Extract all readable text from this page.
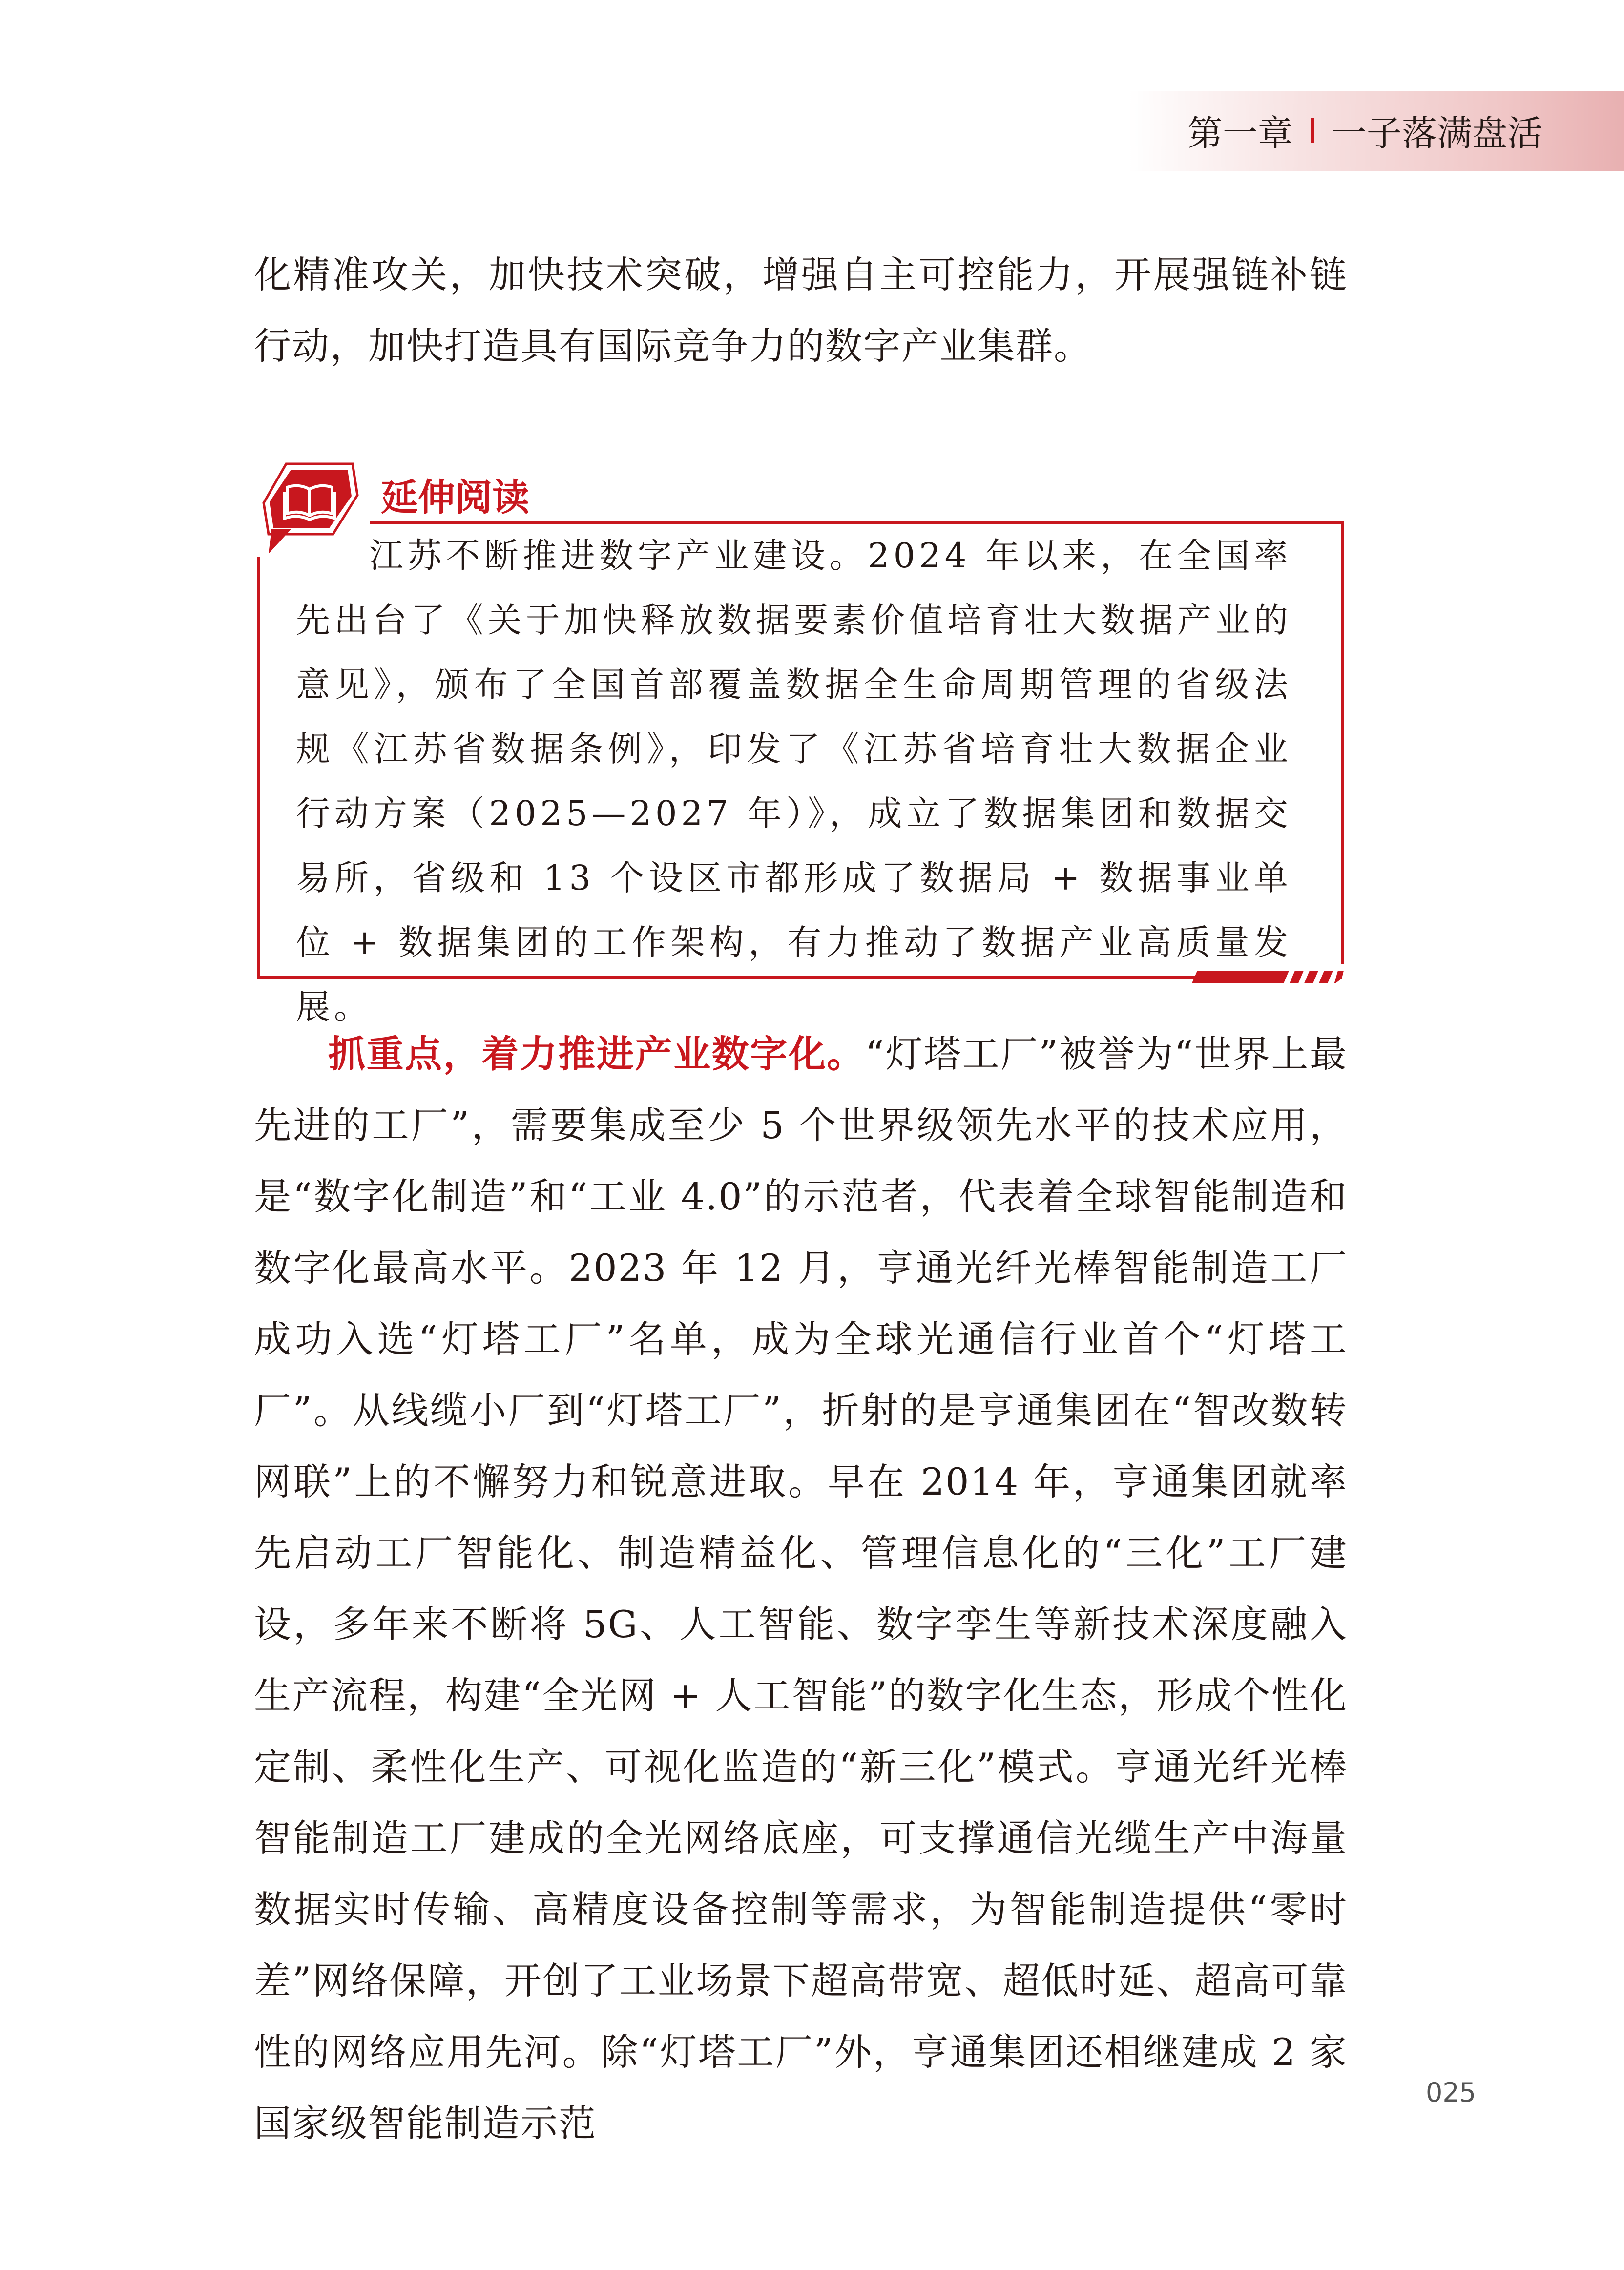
第一章 一子落满盘活

化精准攻关，加快技术突破，增强自主可控能力，开展强链补链行动，加快打造具有国际竞争力的数字产业集群。

延伸阅读

江苏不断推进数字产业建设。2024 年以来，在全国率先出台了《关于加快释放数据要素价值培育壮大数据产业的意见》，颁布了全国首部覆盖数据全生命周期管理的省级法规《江苏省数据条例》，印发了《江苏省培育壮大数据企业行动方案（2025—2027 年）》，成立了数据集团和数据交易所，省级和 13 个设区市都形成了数据局 + 数据事业单位 + 数据集团的工作架构，有力推动了数据产业高质量发展。

抓重点，着力推进产业数字化。“灯塔工厂”被誉为“世界上最先进的工厂”，需要集成至少 5 个世界级领先水平的技术应用，是“数字化制造”和“工业 4.0”的示范者，代表着全球智能制造和数字化最高水平。2023 年 12 月，亨通光纤光棒智能制造工厂成功入选“灯塔工厂”名单，成为全球光通信行业首个“灯塔工厂”。从线缆小厂到“灯塔工厂”，折射的是亨通集团在“智改数转网联”上的不懈努力和锐意进取。早在 2014 年，亨通集团就率先启动工厂智能化、制造精益化、管理信息化的“三化”工厂建设，多年来不断将 5G、人工智能、数字孪生等新技术深度融入生产流程，构建“全光网 + 人工智能”的数字化生态，形成个性化定制、柔性化生产、可视化监造的“新三化”模式。亨通光纤光棒智能制造工厂建成的全光网络底座，可支撑通信光缆生产中海量数据实时传输、高精度设备控制等需求，为智能制造提供“零时差”网络保障，开创了工业场景下超高带宽、超低时延、超高可靠性的网络应用先河。除“灯塔工厂”外，亨通集团还相继建成 2 家国家级智能制造示范

025
